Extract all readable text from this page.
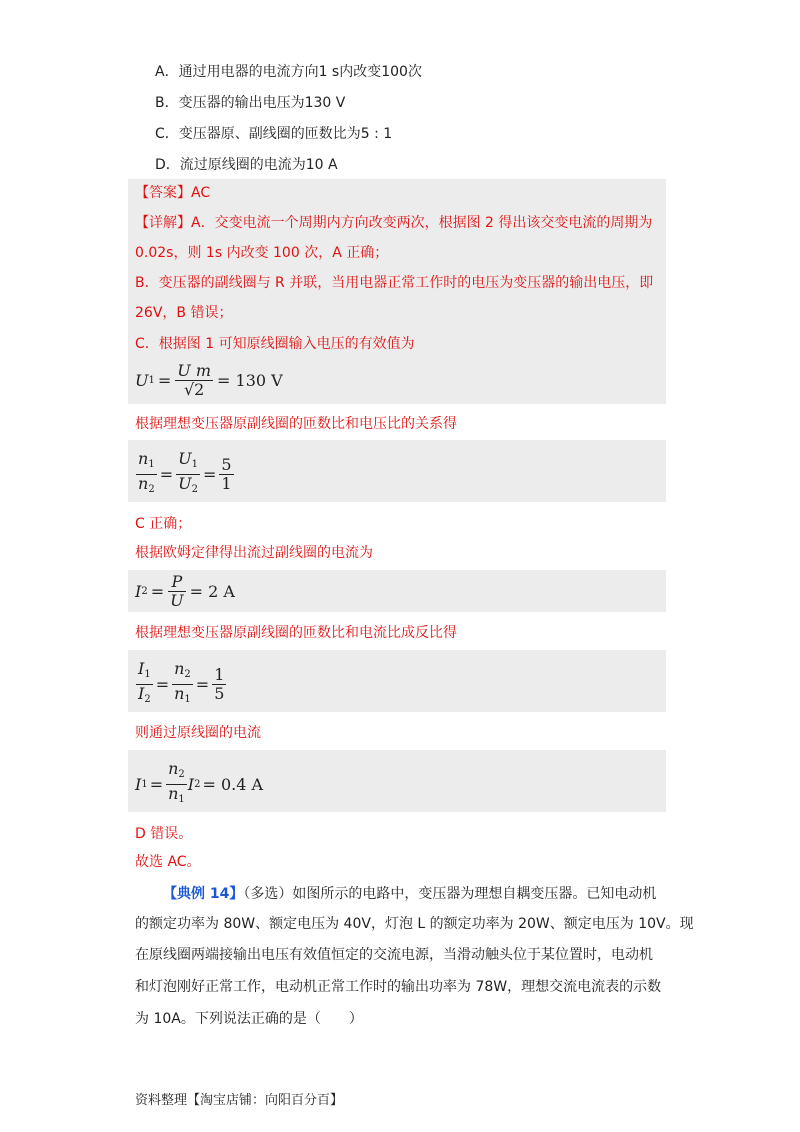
A．通过用电器的电流方向1 s内改变100次
B．变压器的输出电压为130 V
C．变压器原、副线圈的匝数比为5 : 1
D．流过原线圈的电流为10 A
【答案】AC
【详解】A．交变电流一个周期内方向改变两次，根据图 2 得出该交变电流的周期为
0.02s，则 1s 内改变 100 次，A 正确；
B．变压器的副线圈与 R 并联，当用电器正常工作时的电压为变压器的输出电压，即
26V，B 错误；
C．根据图 1 可知原线圈输入电压的有效值为
U $1 = \frac{\text{U m}}{√2} = 130$ V
根据理想变压器原副线圈的匝数比和电压比的关系得
$\frac{n_1}{n_2} = \frac{U_1}{U_2} = \frac{5}{1}$
C 正确；
根据欧姆定律得出流过副线圈的电流为
I $2 = \frac{P}{U} = 2$ A
根据理想变压器原副线圈的匝数比和电流比成反比得
$\frac{I_1}{I_2} = \frac{n_2}{n_1} = \frac{1}{5}$
则通过原线圈的电流
I $1 = \frac{n_2}{n_1}$ I 2 = 0.4 A
D 错误。
故选 AC。
【典例 14】（多选）如图所示的电路中，变压器为理想自耦变压器。已知电动机
的额定功率为 80W、额定电压为 40V，灯泡 L 的额定功率为 20W、额定电压为 10V。现
在原线圈两端接输出电压有效值恒定的交流电源，当滑动触头位于某位置时，电动机
和灯泡刚好正常工作，电动机正常工作时的输出功率为 78W，理想交流电流表的示数
为 10A。下列说法正确的是（　　）
资料整理【淘宝店铺：向阳百分百】
